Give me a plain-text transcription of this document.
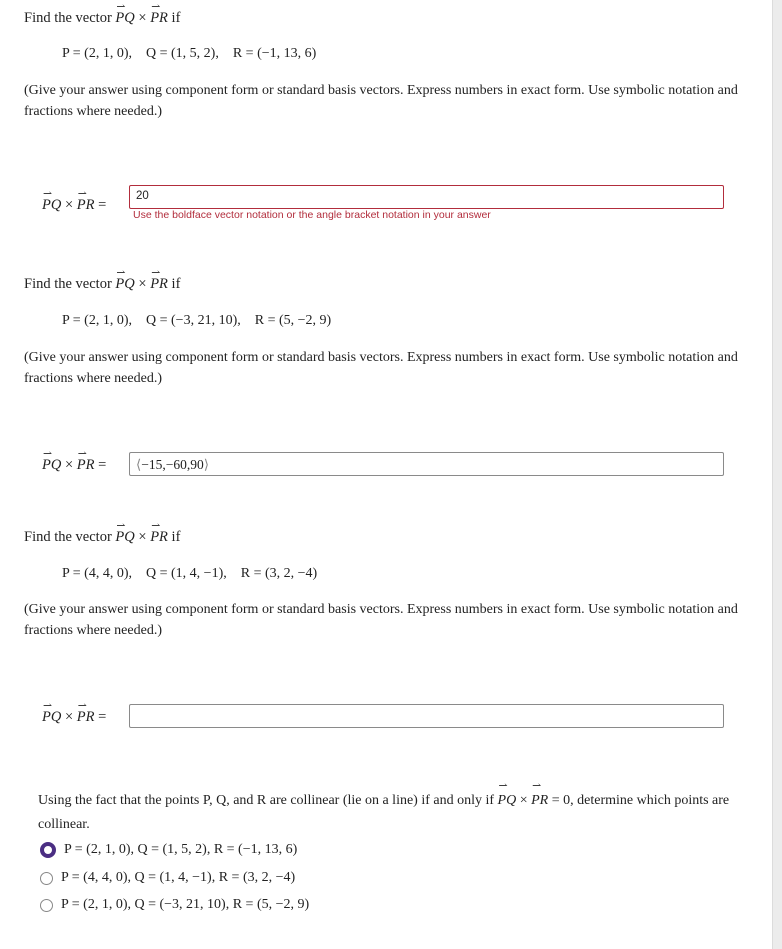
Find the vector
⇀
PQ ×
⇀
PR if
P = (2, 1, 0), Q = (1, 5, 2), R = (−1, 13, 6)
(Give your answer using component form or standard basis vectors. Express numbers in exact form. Use symbolic notation and fractions where needed.)
⇀
PQ ×
⇀
PR =
20
Use the boldface vector notation or the angle bracket notation in your answer
Find the vector
⇀
PQ ×
⇀
PR if
P = (2, 1, 0), Q = (−3, 21, 10), R = (5, −2, 9)
(Give your answer using component form or standard basis vectors. Express numbers in exact form. Use symbolic notation and fractions where needed.)
⇀
PQ ×
⇀
PR =	⟨−15,−60,90⟩
Find the vector
⇀
PQ ×
⇀
PR if
P = (4, 4, 0), Q = (1, 4, −1), R = (3, 2, −4)
(Give your answer using component form or standard basis vectors. Express numbers in exact form. Use symbolic notation and fractions where needed.)
⇀
PQ ×
⇀
PR =
Using the fact that the points P, Q, and R are collinear (lie on a line) if and only if
⇀
PQ ×
⇀
PR = 0, determine which points are collinear.
P = (2, 1, 0), Q = (1, 5, 2), R = (−1, 13, 6)
P = (4, 4, 0), Q = (1, 4, −1), R = (3, 2, −4)
P = (2, 1, 0), Q = (−3, 21, 10), R = (5, −2, 9)
